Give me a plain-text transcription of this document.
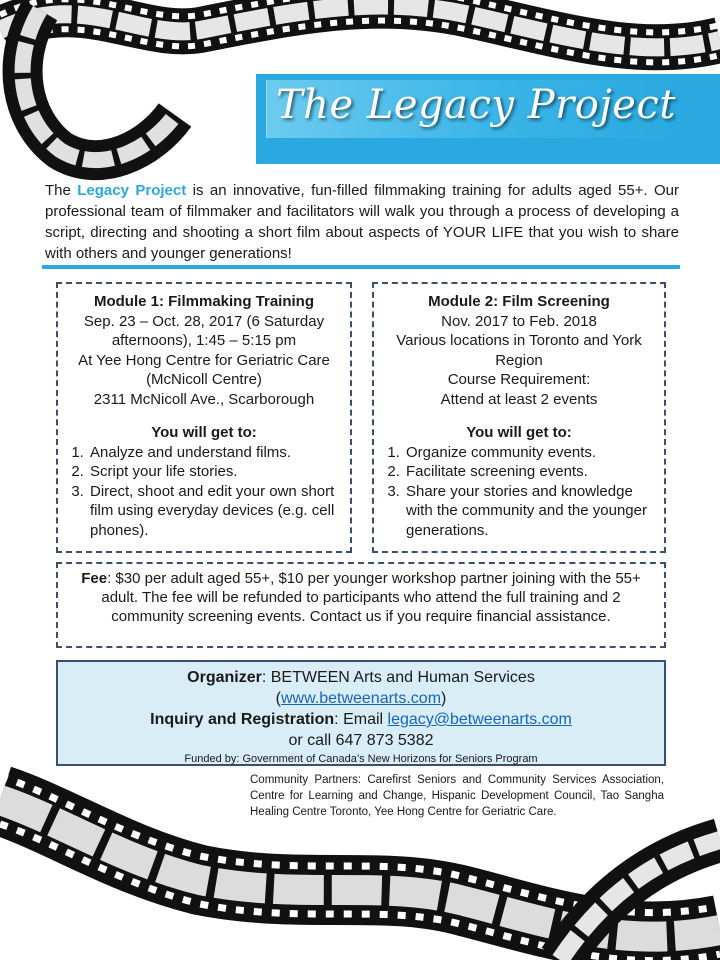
The Legacy Project
The Legacy Project is an innovative, fun-filled filmmaking training for adults aged 55+. Our professional team of filmmaker and facilitators will walk you through a process of developing a script, directing and shooting a short film about aspects of YOUR LIFE that you wish to share with others and younger generations!
Module 1: Filmmaking Training
Sep. 23 – Oct. 28, 2017 (6 Saturday afternoons), 1:45 – 5:15 pm
At Yee Hong Centre for Geriatric Care (McNicoll Centre)
2311 McNicoll Ave., Scarborough
You will get to:
1. Analyze and understand films.
2. Script your life stories.
3. Direct, shoot and edit your own short film using everyday devices (e.g. cell phones).
Module 2: Film Screening
Nov. 2017 to Feb. 2018
Various locations in Toronto and York Region
Course Requirement:
Attend at least 2 events
You will get to:
1. Organize community events.
2. Facilitate screening events.
3. Share your stories and knowledge with the community and the younger generations.
Fee: $30 per adult aged 55+, $10 per younger workshop partner joining with the 55+ adult. The fee will be refunded to participants who attend the full training and 2 community screening events. Contact us if you require financial assistance.
Organizer: BETWEEN Arts and Human Services
(www.betweenarts.com)
Inquiry and Registration: Email legacy@betweenarts.com
or call 647 873 5382
Funded by: Government of Canada’s New Horizons for Seniors Program
Community Partners: Carefirst Seniors and Community Services Association, Centre for Learning and Change, Hispanic Development Council, Tao Sangha Healing Centre Toronto, Yee Hong Centre for Geriatric Care.
